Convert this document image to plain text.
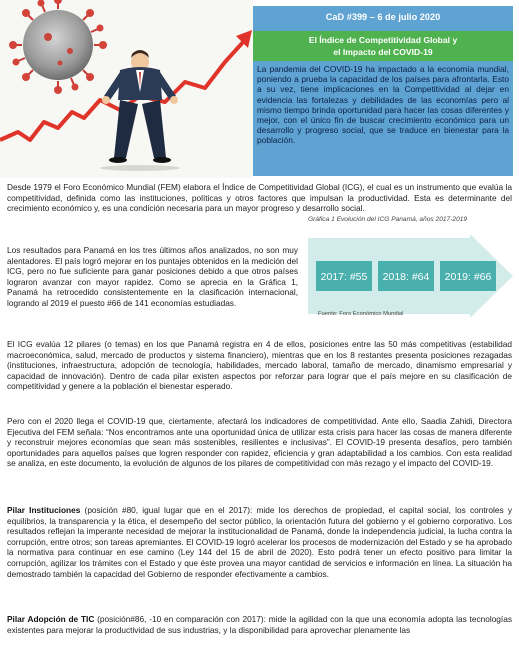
CaD #399 – 6 de julio 2020
El Índice de Competitividad Global y
el Impacto del COVID-19
La pandemia del COVID-19 ha impactado a la economía mundial, poniendo a prueba la capacidad de los países para afrontarla. Esto a su vez, tiene implicaciones en la Competitividad al dejar en evidencia las fortalezas y debilidades de las economías pero al mismo tiempo brinda oportunidad para hacer las cosas diferentes y mejor, con el único fin de buscar crecimiento económico para un desarrollo y progreso social, que se traduce en bienestar para la población.
Desde 1979 el Foro Económico Mundial (FEM) elabora el Índice de Competitividad Global (ICG), el cual es un instrumento que evalúa la competitividad, definida como las instituciones, políticas y otros factores que impulsan la productividad. Esta es determinante del crecimiento económico y, es una condición necesaria para un mayor progreso y desarrollo social.
Gráfica 1 Evolución del ICG Panamá, años 2017-2019
2017: #55 2018: #64 2019: #66
Fuente: Foro Económico Mundial
Los resultados para Panamá en los tres últimos años analizados, no son muy alentadores. El país logró mejorar en los puntajes obtenidos en la medición del ICG, pero no fue suficiente para ganar posiciones debido a que otros países lograron avanzar con mayor rapidez. Como se aprecia en la Gráfica 1, Panamá ha retrocedido consistentemente en la clasificación internacional, logrando al 2019 el puesto #66 de 141 economías estudiadas.
El ICG evalúa 12 pilares (o temas) en los que Panamá registra en 4 de ellos, posiciones entre las 50 más competitivas (estabilidad macroeconómica, salud, mercado de productos y sistema financiero), mientras que en los 8 restantes presenta posiciones rezagadas (instituciones, infraestructura, adopción de tecnología, habilidades, mercado laboral, tamaño de mercado, dinamismo empresarial y capacidad de innovación). Dentro de cada pilar existen aspectos por reforzar para lograr que el país mejore en su clasificación de competitividad y genere a la población el bienestar esperado.
Pero con el 2020 llega el COVID-19 que, ciertamente, afectará los indicadores de competitividad. Ante ello, Saadia Zahidi, Directora Ejecutiva del FEM señala: “Nos encontramos ante una oportunidad única de utilizar esta crisis para hacer las cosas de manera diferente y reconstruir mejores economías que sean más sostenibles, resilientes e inclusivas”. El COVID-19 presenta desafíos, pero también oportunidades para aquellos países que logren responder con rapidez, eficiencia y gran adaptabilidad a los cambios. Con esta realidad se analiza, en este documento, la evolución de algunos de los pilares de competitividad con más rezago y el impacto del COVID-19.
Pilar Instituciones (posición #80, igual lugar que en el 2017): mide los derechos de propiedad, el capital social, los controles y equilibrios, la transparencia y la ética, el desempeño del sector público, la orientación futura del gobierno y el gobierno corporativo. Los resultados reflejan la imperante necesidad de mejorar la institucionalidad de Panamá, donde la independencia judicial, la lucha contra la corrupción, entre otros; son tareas apremiantes. El COVID-19 logró acelerar los procesos de modernización del Estado y se ha aprobado la normativa para continuar en ese camino (Ley 144 del 15 de abril de 2020). Esto podrá tener un efecto positivo para limitar la corrupción, agilizar los trámites con el Estado y que éste provea una mayor cantidad de servicios e información en línea. La situación ha demostrado también la capacidad del Gobierno de responder efectivamente a cambios.
Pilar Adopción de TIC (posición#86, -10 en comparación con 2017): mide la agilidad con la que una economía adopta las tecnologías existentes para mejorar la productividad de sus industrias, y la disponibilidad para aprovechar plenamente las
